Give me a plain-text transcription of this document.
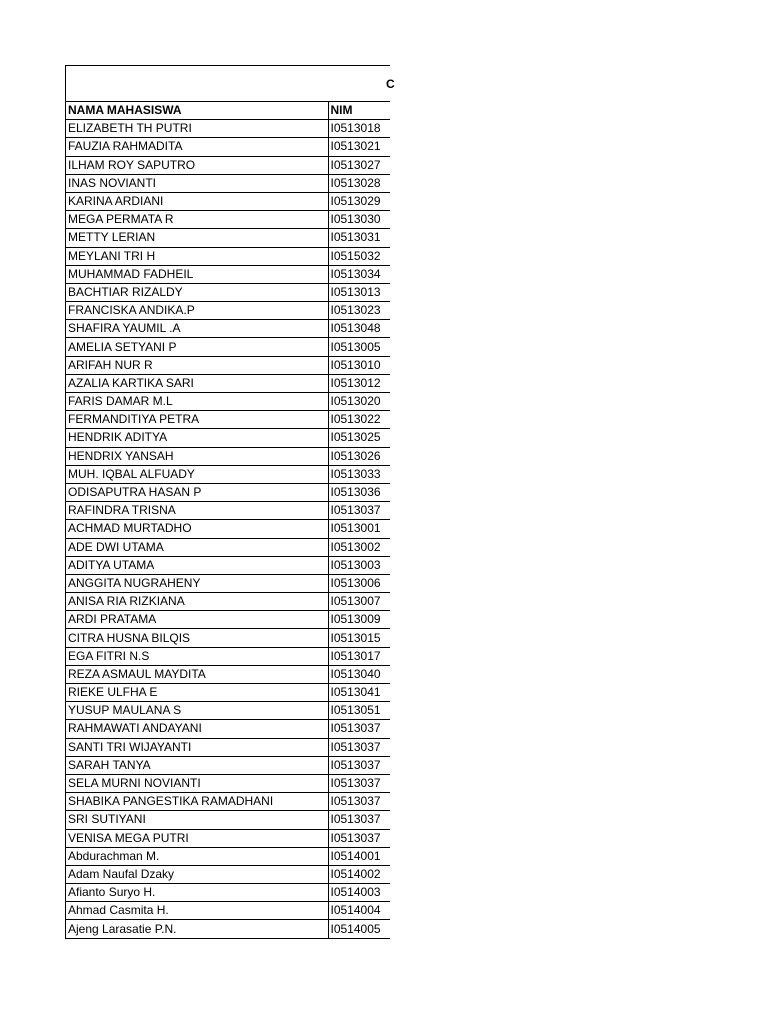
C
NAMA MAHASISWA	NIM
ELIZABETH TH PUTRI	I0513018
FAUZIA RAHMADITA	I0513021
ILHAM ROY SAPUTRO	I0513027
INAS NOVIANTI	I0513028
KARINA ARDIANI	I0513029
MEGA PERMATA R	I0513030
METTY LERIAN	I0513031
MEYLANI TRI H	I0515032
MUHAMMAD FADHEIL	I0513034
BACHTIAR RIZALDY	I0513013
FRANCISKA ANDIKA.P	I0513023
SHAFIRA YAUMIL .A	I0513048
AMELIA SETYANI P	I0513005
ARIFAH NUR R	I0513010
AZALIA KARTIKA SARI	I0513012
FARIS DAMAR M.L	I0513020
FERMANDITIYA PETRA	I0513022
HENDRIK ADITYA	I0513025
HENDRIX YANSAH	I0513026
MUH. IQBAL ALFUADY	I0513033
ODISAPUTRA HASAN P	I0513036
RAFINDRA TRISNA	I0513037
ACHMAD MURTADHO	I0513001
ADE DWI UTAMA	I0513002
ADITYA UTAMA	I0513003
ANGGITA NUGRAHENY	I0513006
ANISA RIA RIZKIANA	I0513007
ARDI PRATAMA	I0513009
CITRA HUSNA BILQIS	I0513015
EGA FITRI N.S	I0513017
REZA ASMAUL MAYDITA	I0513040
RIEKE ULFHA E	I0513041
YUSUP MAULANA S	I0513051
RAHMAWATI ANDAYANI	I0513037
SANTI TRI WIJAYANTI	I0513037
SARAH TANYA	I0513037
SELA MURNI NOVIANTI	I0513037
SHABIKA PANGESTIKA RAMADHANI	I0513037
SRI SUTIYANI	I0513037
VENISA MEGA PUTRI	I0513037
Abdurachman M.	I0514001
Adam Naufal Dzaky	I0514002
Afianto Suryo H.	I0514003
Ahmad Casmita H.	I0514004
Ajeng Larasatie P.N.	I0514005
